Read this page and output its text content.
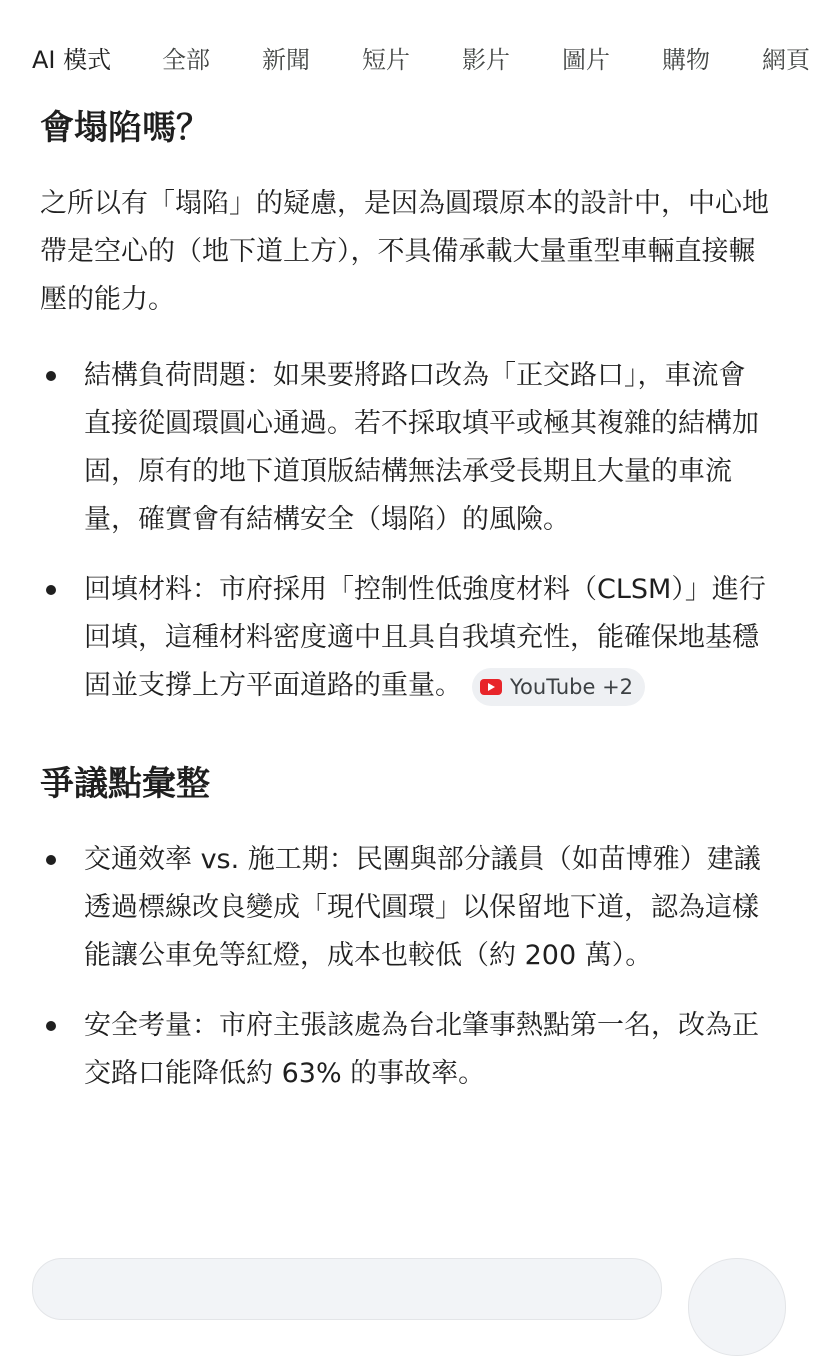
AI 模式 全部 新聞 短片 影片 圖片 購物 網頁
會塌陷嗎？

之所以有「塌陷」的疑慮，是因為圓環原本的設計中，中心地帶是空心的（地下道上方），不具備承載大量重型車輛直接輾壓的能力。

結構負荷問題：如果要將路口改為「正交路口」，車流會直接從圓環圓心通過。若不採取填平或極其複雜的結構加固，原有的地下道頂版結構無法承受長期且大量的車流量，確實會有結構安全（塌陷）的風險。
回填材料：市府採用「控制性低強度材料（CLSM）」進行回填，這種材料密度適中且具自我填充性，能確保地基穩固並支撐上方平面道路的重量。 YouTube +2
爭議點彙整
交通效率 vs. 施工期：民團與部分議員（如苗博雅）建議透過標線改良變成「現代圓環」以保留地下道，認為這樣能讓公車免等紅燈，成本也較低（約 200 萬）。
安全考量：市府主張該處為台北肇事熱點第一名，改為正交路口能降低約 63% 的事故率。
